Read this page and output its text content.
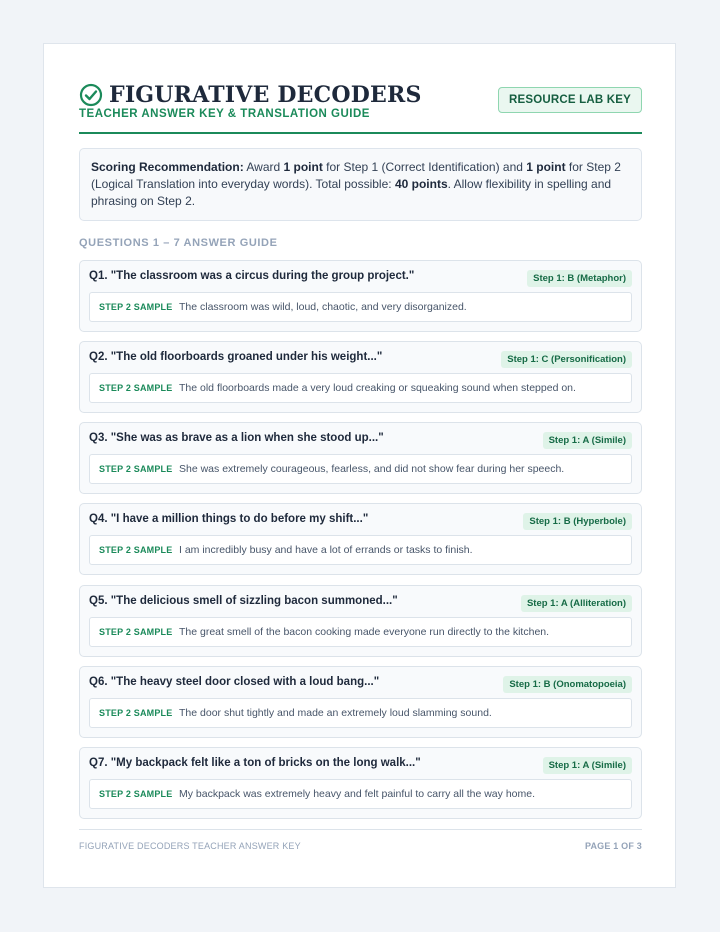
FIGURATIVE DECODERS
TEACHER ANSWER KEY & TRANSLATION GUIDE
RESOURCE LAB KEY
Scoring Recommendation: Award 1 point for Step 1 (Correct Identification) and 1 point for Step 2 (Logical Translation into everyday words). Total possible: 40 points. Allow flexibility in spelling and phrasing on Step 2.
QUESTIONS 1 – 7 ANSWER GUIDE
Q1. "The classroom was a circus during the group project."	Step 1: B (Metaphor)
STEP 2 SAMPLE The classroom was wild, loud, chaotic, and very disorganized.
Q2. "The old floorboards groaned under his weight..."	Step 1: C (Personification)
STEP 2 SAMPLE The old floorboards made a very loud creaking or squeaking sound when stepped on.
Q3. "She was as brave as a lion when she stood up..."	Step 1: A (Simile)
STEP 2 SAMPLE She was extremely courageous, fearless, and did not show fear during her speech.
Q4. "I have a million things to do before my shift..."	Step 1: B (Hyperbole)
STEP 2 SAMPLE I am incredibly busy and have a lot of errands or tasks to finish.
Q5. "The delicious smell of sizzling bacon summoned..."	Step 1: A (Alliteration)
STEP 2 SAMPLE The great smell of the bacon cooking made everyone run directly to the kitchen.
Q6. "The heavy steel door closed with a loud bang..."	Step 1: B (Onomatopoeia)
STEP 2 SAMPLE The door shut tightly and made an extremely loud slamming sound.
Q7. "My backpack felt like a ton of bricks on the long walk..."	Step 1: A (Simile)
STEP 2 SAMPLE My backpack was extremely heavy and felt painful to carry all the way home.
FIGURATIVE DECODERS TEACHER ANSWER KEY	PAGE 1 OF 3
